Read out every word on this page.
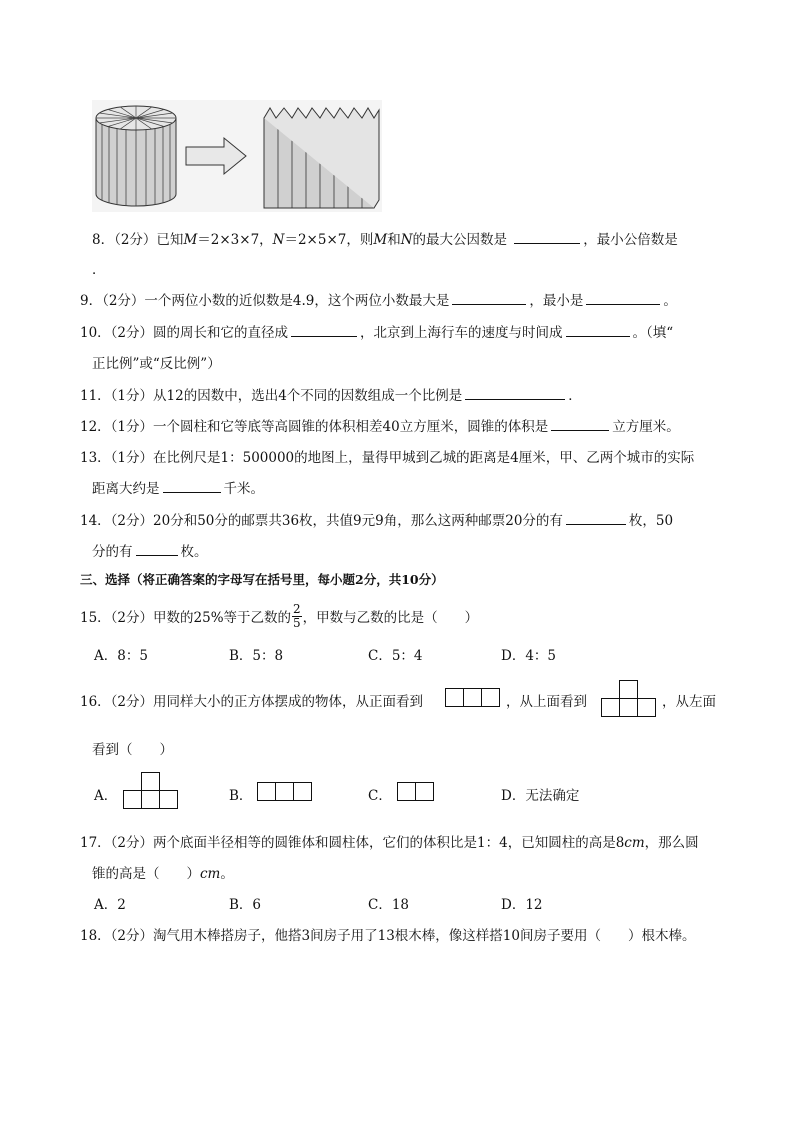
8．（2分）已知M＝2×3×7，N＝2×5×7，则M和N的最大公因数是	，最小公倍数是
．
9．（2分）一个两位小数的近似数是4.9，这个两位小数最大是	，最小是	。
10．（2分）圆的周长和它的直径成	，北京到上海行车的速度与时间成	。（填“
正比例”或“反比例”）
11．（1分）从12的因数中，选出4个不同的因数组成一个比例是	．
12．（1分）一个圆柱和它等底等高圆锥的体积相差40立方厘米，圆锥的体积是	立方厘米。
13．（1分）在比例尺是1：500000的地图上，量得甲城到乙城的距离是4厘米，甲、乙两个城市的实际
距离大约是	千米。
14．（2分）20分和50分的邮票共36枚，共值9元9角，那么这两种邮票20分的有	枚，50
分的有	枚。
三、选择（将正确答案的字母写在括号里，每小题2分，共10分）
15．（2分）甲数的25%等于乙数的 $\frac{2}{5}$ ，甲数与乙数的比是（　　）
A．8：5	B．5：8	C．5：4	D．4：5
16．（2分）用同样大小的正方体摆成的物体，从正面看到	，从上面看到	，从左面
看到（　　）
A．	B．	C．	D．无法确定
17．（2分）两个底面半径相等的圆锥体和圆柱体，它们的体积比是1：4，已知圆柱的高是8cm，那么圆
锥的高是（　　）cm。
A．2	B．6	C．18	D．12
18．（2分）淘气用木棒搭房子，他搭3间房子用了13根木棒，像这样搭10间房子要用（　　）根木棒。
